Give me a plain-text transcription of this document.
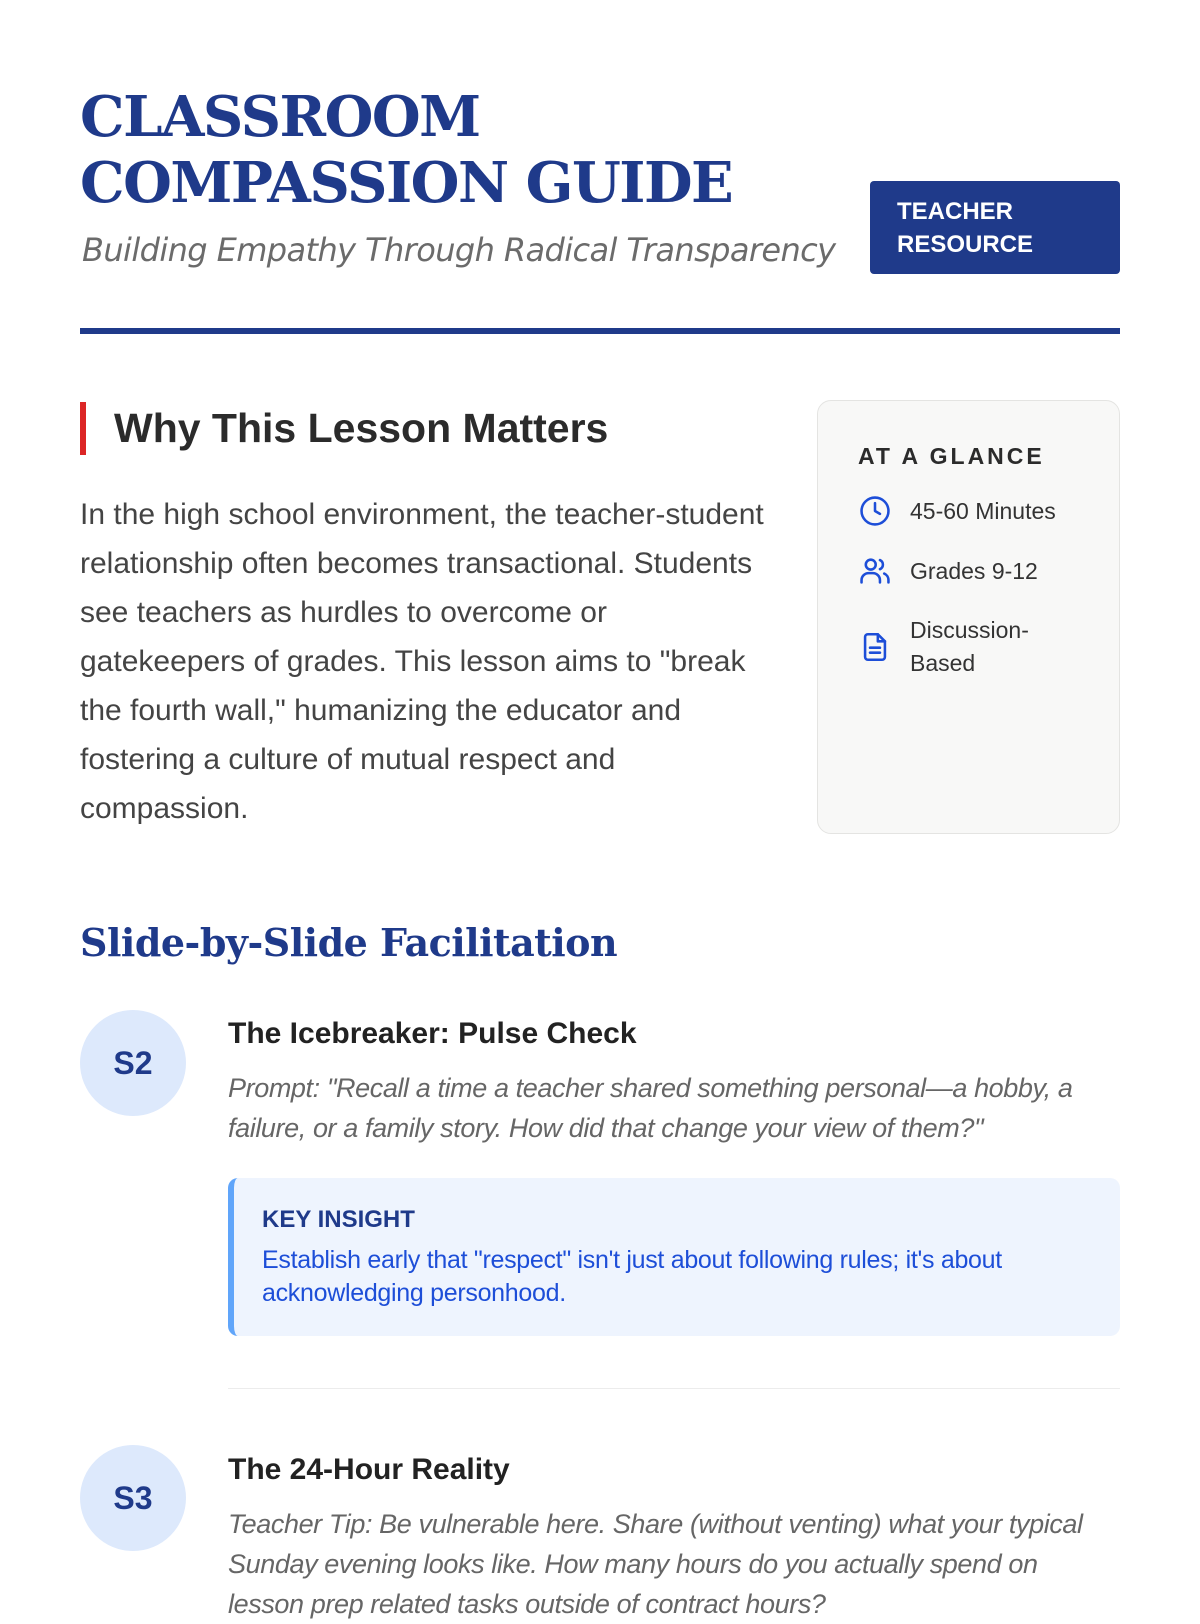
CLASSROOM COMPASSION GUIDE
Building Empathy Through Radical Transparency
TEACHER
RESOURCE
Why This Lesson Matters

In the high school environment, the teacher-student relationship often becomes transactional. Students see teachers as hurdles to overcome or gatekeepers of grades. This lesson aims to "break the fourth wall," humanizing the educator and fostering a culture of mutual respect and compassion.

AT A GLANCE
45-60 Minutes
Grades 9-12
Discussion-Based
Slide-by-Slide Facilitation
S2
The Icebreaker: Pulse Check
Prompt: "Recall a time a teacher shared something personal—a hobby, a failure, or a family story. How did that change your view of them?"
KEY INSIGHT
Establish early that "respect" isn't just about following rules; it's about acknowledging personhood.
S3
The 24-Hour Reality
Teacher Tip: Be vulnerable here. Share (without venting) what your typical Sunday evening looks like. How many hours do you actually spend on lesson prep related tasks outside of contract hours?
